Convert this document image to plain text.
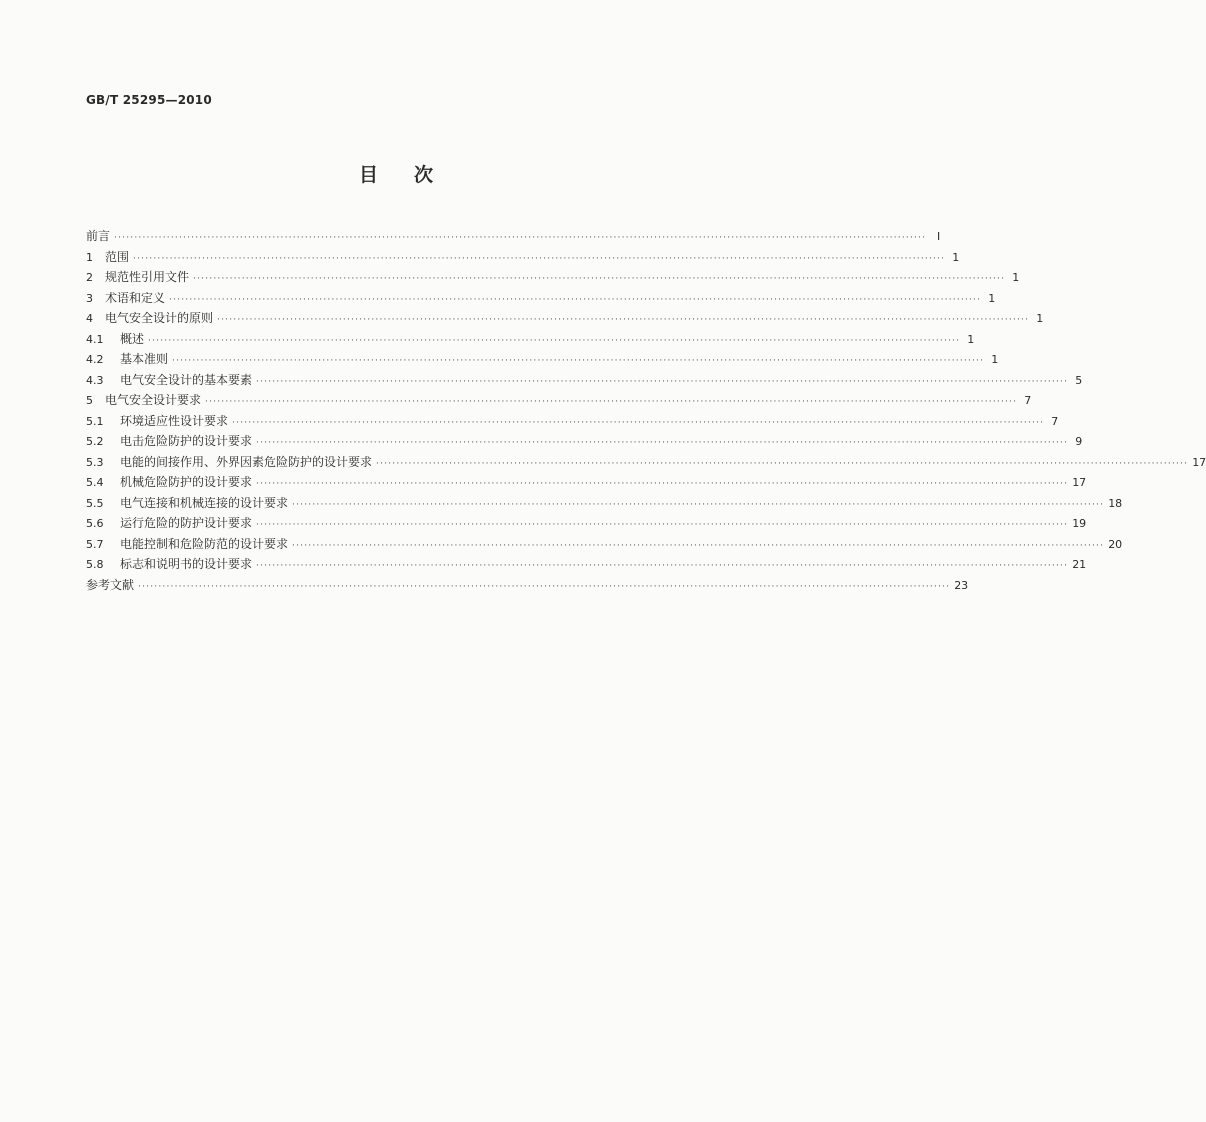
GB/T 25295—2010
目次
前言 ········································································································································································································ I
1	范围 ········································································································································································································ 1
2	规范性引用文件 ········································································································································································································ 1
3	术语和定义 ········································································································································································································ 1
4	电气安全设计的原则 ········································································································································································································ 1
4.1	概述 ········································································································································································································ 1
4.2	基本准则 ········································································································································································································ 1
4.3	电气安全设计的基本要素 ········································································································································································································ 5
5	电气安全设计要求 ········································································································································································································ 7
5.1	环境适应性设计要求 ········································································································································································································ 7
5.2	电击危险防护的设计要求 ········································································································································································································ 9
5.3	电能的间接作用、外界因素危险防护的设计要求 ········································································································································································································ 17
5.4	机械危险防护的设计要求 ········································································································································································································ 17
5.5	电气连接和机械连接的设计要求 ········································································································································································································ 18
5.6	运行危险的防护设计要求 ········································································································································································································ 19
5.7	电能控制和危险防范的设计要求 ········································································································································································································ 20
5.8	标志和说明书的设计要求 ········································································································································································································ 21
参考文献 ········································································································································································································ 23
